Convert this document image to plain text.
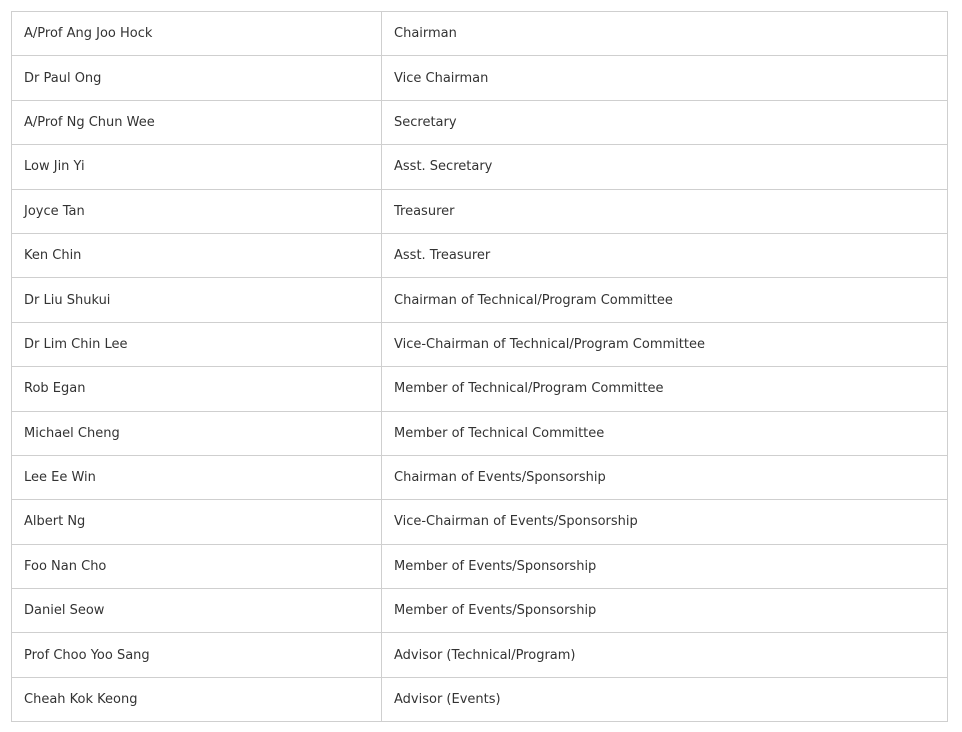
A/Prof Ang Joo Hock	Chairman
Dr Paul Ong	Vice Chairman
A/Prof Ng Chun Wee	Secretary
Low Jin Yi	Asst. Secretary
Joyce Tan	Treasurer
Ken Chin	Asst. Treasurer
Dr Liu Shukui	Chairman of Technical/Program Committee
Dr Lim Chin Lee	Vice-Chairman of Technical/Program Committee
Rob Egan	Member of Technical/Program Committee
Michael Cheng	Member of Technical Committee
Lee Ee Win	Chairman of Events/Sponsorship
Albert Ng	Vice-Chairman of Events/Sponsorship
Foo Nan Cho	Member of Events/Sponsorship
Daniel Seow	Member of Events/Sponsorship
Prof Choo Yoo Sang	Advisor (Technical/Program)
Cheah Kok Keong	Advisor (Events)
